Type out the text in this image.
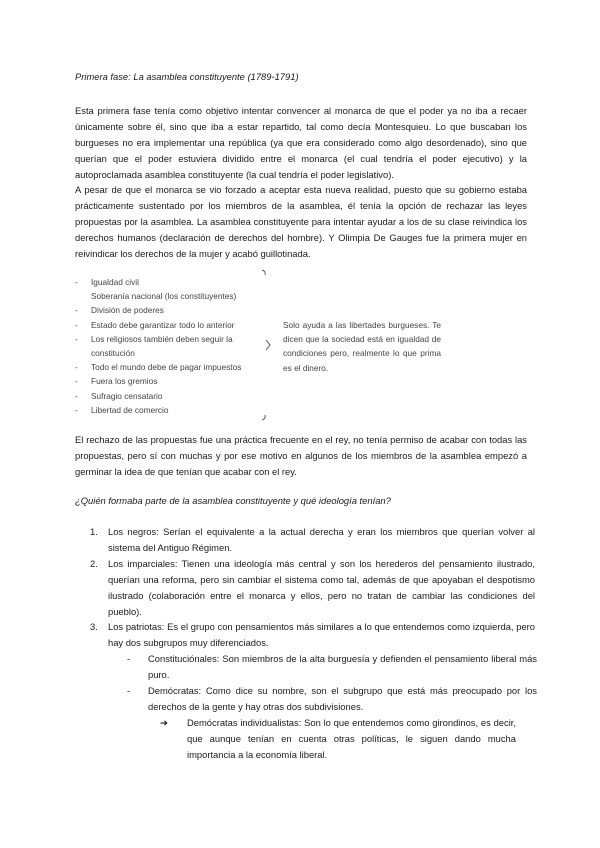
Primera fase: La asamblea constituyente (1789-1791)
Esta primera fase tenía como objetivo intentar convencer al monarca de que el poder ya no iba a recaer únicamente sobre él, sino que iba a estar repartido, tal como decía Montesquieu. Lo que buscaban los burgueses no era implementar una república (ya que era considerado como algo desordenado), sino que querían que el poder estuviera dividido entre el monarca (el cual tendría el poder ejecutivo) y la autoproclamada asamblea constituyente (la cual tendría el poder legislativo).
A pesar de que el monarca se vio forzado a aceptar esta nueva realidad, puesto que su gobierno estaba prácticamente sustentado por los miembros de la asamblea, él tenía la opción de rechazar las leyes propuestas por la asamblea. La asamblea constituyente para intentar ayudar a los de su clase reivindica los derechos humanos (declaración de derechos del hombre). Y Olimpia De Gauges fue la primera mujer en reivindicar los derechos de la mujer y acabó guillotinada.
- Igualdad civil
Soberanía nacional (los constituyentes)
- División de poderes
- Estado debe garantizar todo lo anterior
- Los religiosos también deben seguir la
constitución
- Todo el mundo debe de pagar impuestos
- Fuera los gremios
- Sufragio censatario
- Libertad de comercio
Solo ayuda a las libertades burgueses. Te dicen que la sociedad está en igualdad de condiciones pero, realmente lo que prima es el dinero.
El rechazo de las propuestas fue una práctica frecuente en el rey, no tenía permiso de acabar con todas las propuestas, pero sí con muchas y por ese motivo en algunos de los miembros de la asamblea empezó a germinar la idea de que tenían que acabar con el rey.
¿Quién formaba parte de la asamblea constituyente y qué ideología tenían?
1. Los negros: Serían el equivalente a la actual derecha y eran los miembros que querían volver al sistema del Antiguo Régimen.
2. Los imparciales: Tienen una ideología más central y son los herederos del pensamiento ilustrado, querían una reforma, pero sin cambiar el sistema como tal, además de que apoyaban el despotismo ilustrado (colaboración entre el monarca y ellos, pero no tratan de cambiar las condiciones del pueblo).
3. Los patriotas: Es el grupo con pensamientos más similares a lo que entendemos como izquierda, pero hay dos subgrupos muy diferenciados.
- Constituciónales: Son miembros de la alta burguesía y defienden el pensamiento liberal más puro.
- Demócratas: Como dice su nombre, son el subgrupo que está más preocupado por los derechos de la gente y hay otras dos subdivisiones.
➔ Demócratas individualistas: Son lo que entendemos como girondinos, es decir, que aunque tenían en cuenta otras políticas, le siguen dando mucha importancia a la economía liberal.
